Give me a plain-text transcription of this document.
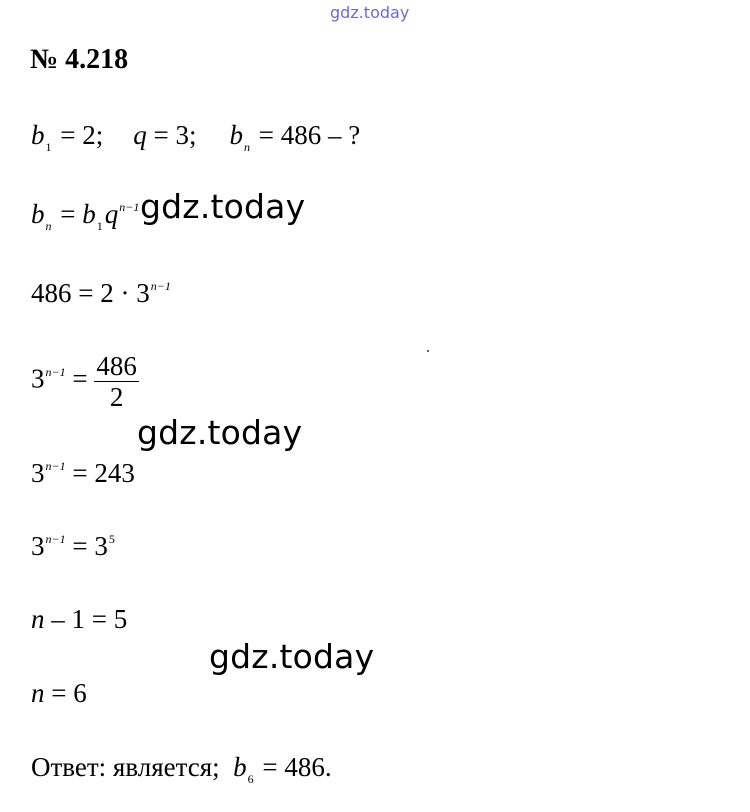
gdz.today
№ 4.218
$b_1 = 2$; q = 3; $b_n = 486$ – ?
$b_n = b_1q^{n-1}$ gdz.today
$486 = 2 \cdot 3^{n-1}$
$3^{n-1} = \frac{486}{2}$
gdz.today
$3^{n-1} = 243$
$3^{n-1} = 3^5$
n – 1 = 5
gdz.today
n = 6
Ответ: является;  $b_6 = 486$.
